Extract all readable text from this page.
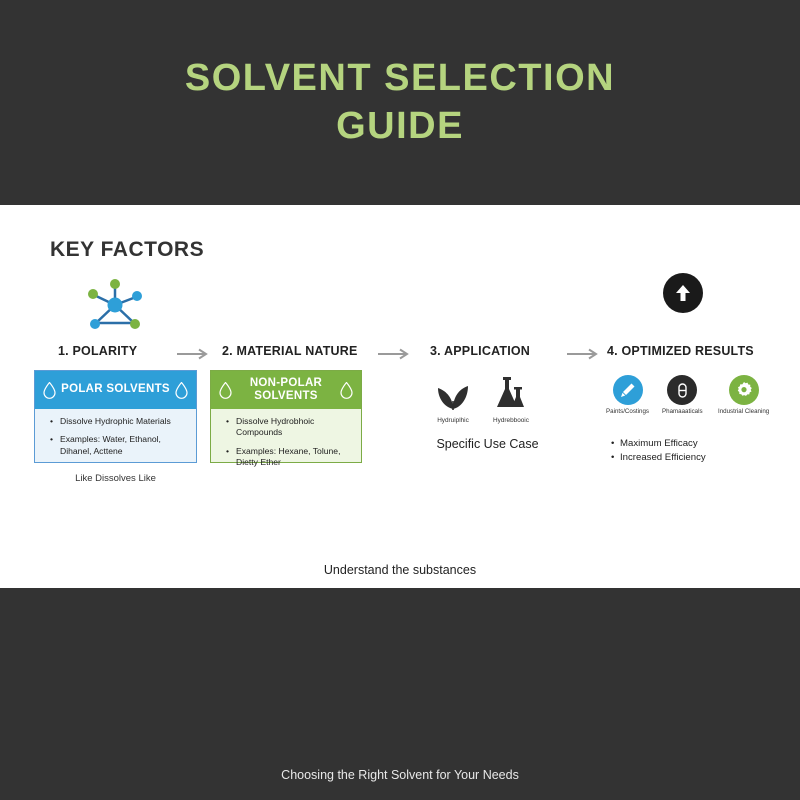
SOLVENT SELECTION GUIDE
KEY FACTORS
1. POLARITY	2. MATERIAL NATURE	3. APPLICATION	4. OPTIMIZED RESULTS
POLAR SOLVENTS
• Dissolve Hydrophic Materials
• Examples: Water, Ethanol, Dihanel, Acttene
Like Dissolves Like
NON-POLAR SOLVENTS
• Dissolve Hydrobhoic Compounds
• Examples: Hexane, Tolune, Dietty Ether
Hydruiplhic	Hydrebbooic
Specific Use Case
Paints/Costings Phamaaaticals Industrial Cleaning
• Maximum Efficacy
• Increased Efficiency
Understand the substances
Choosing the Right Solvent for Your Needs
